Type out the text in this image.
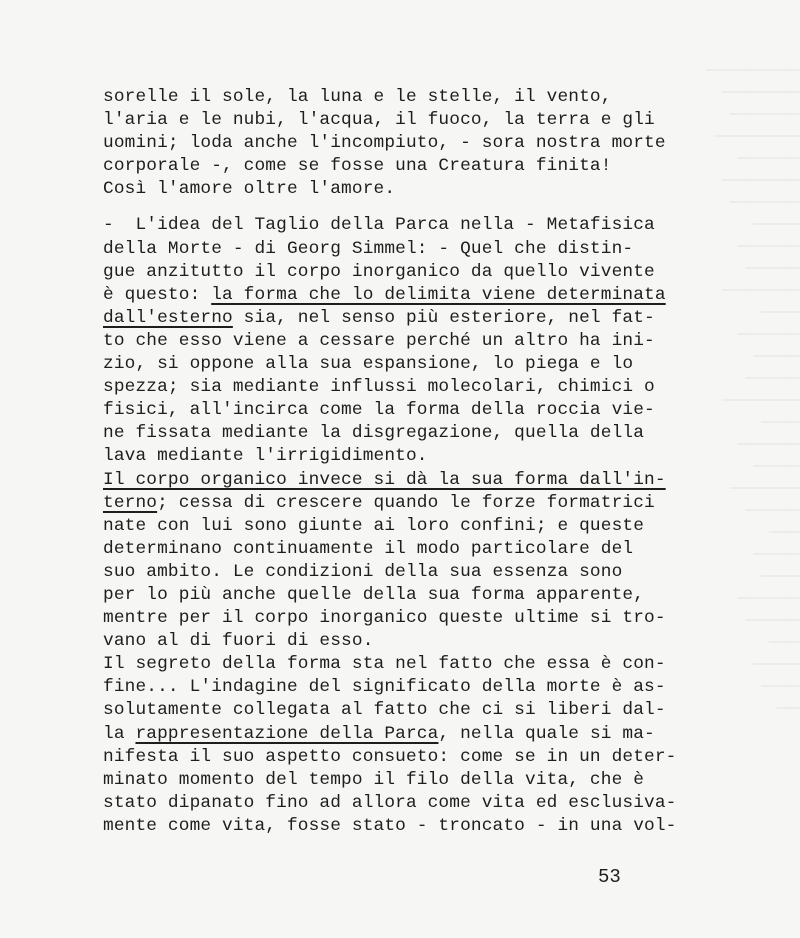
────────────
──────────
─────────
───────────
────────
──────────
─────────
──────
────────
───────
──────────
─────
────────
──────
───────
──────────
─────
────────
──────
─────────
───────
────
──────
─────
────────
───────
────
──────
─────
───
sorelle il sole, la luna e le stelle, il vento,
l'aria e le nubi, l'acqua, il fuoco, la terra e gli
uomini; loda anche l'incompiuto, - sora nostra morte
corporale -, come se fosse una Creatura finita!
Così l'amore oltre l'amore.
-  L'idea del Taglio della Parca nella - Metafisica
della Morte - di Georg Simmel: - Quel che distin-
gue anzitutto il corpo inorganico da quello vivente
è questo: la forma che lo delimita viene determinata
dall'esterno sia, nel senso più esteriore, nel fat-
to che esso viene a cessare perché un altro ha ini-
zio, si oppone alla sua espansione, lo piega e lo
spezza; sia mediante influssi molecolari, chimici o
fisici, all'incirca come la forma della roccia vie-
ne fissata mediante la disgregazione, quella della
lava mediante l'irrigidimento.
Il corpo organico invece si dà la sua forma dall'in-
terno; cessa di crescere quando le forze formatrici
nate con lui sono giunte ai loro confini; e queste
determinano continuamente il modo particolare del
suo ambito. Le condizioni della sua essenza sono
per lo più anche quelle della sua forma apparente,
mentre per il corpo inorganico queste ultime si tro-
vano al di fuori di esso.
Il segreto della forma sta nel fatto che essa è con-
fine... L'indagine del significato della morte è as-
solutamente collegata al fatto che ci si liberi dal-
la rappresentazione della Parca, nella quale si ma-
nifesta il suo aspetto consueto: come se in un deter-
minato momento del tempo il filo della vita, che è
stato dipanato fino ad allora come vita ed esclusiva-
mente come vita, fosse stato - troncato - in una vol-
53
